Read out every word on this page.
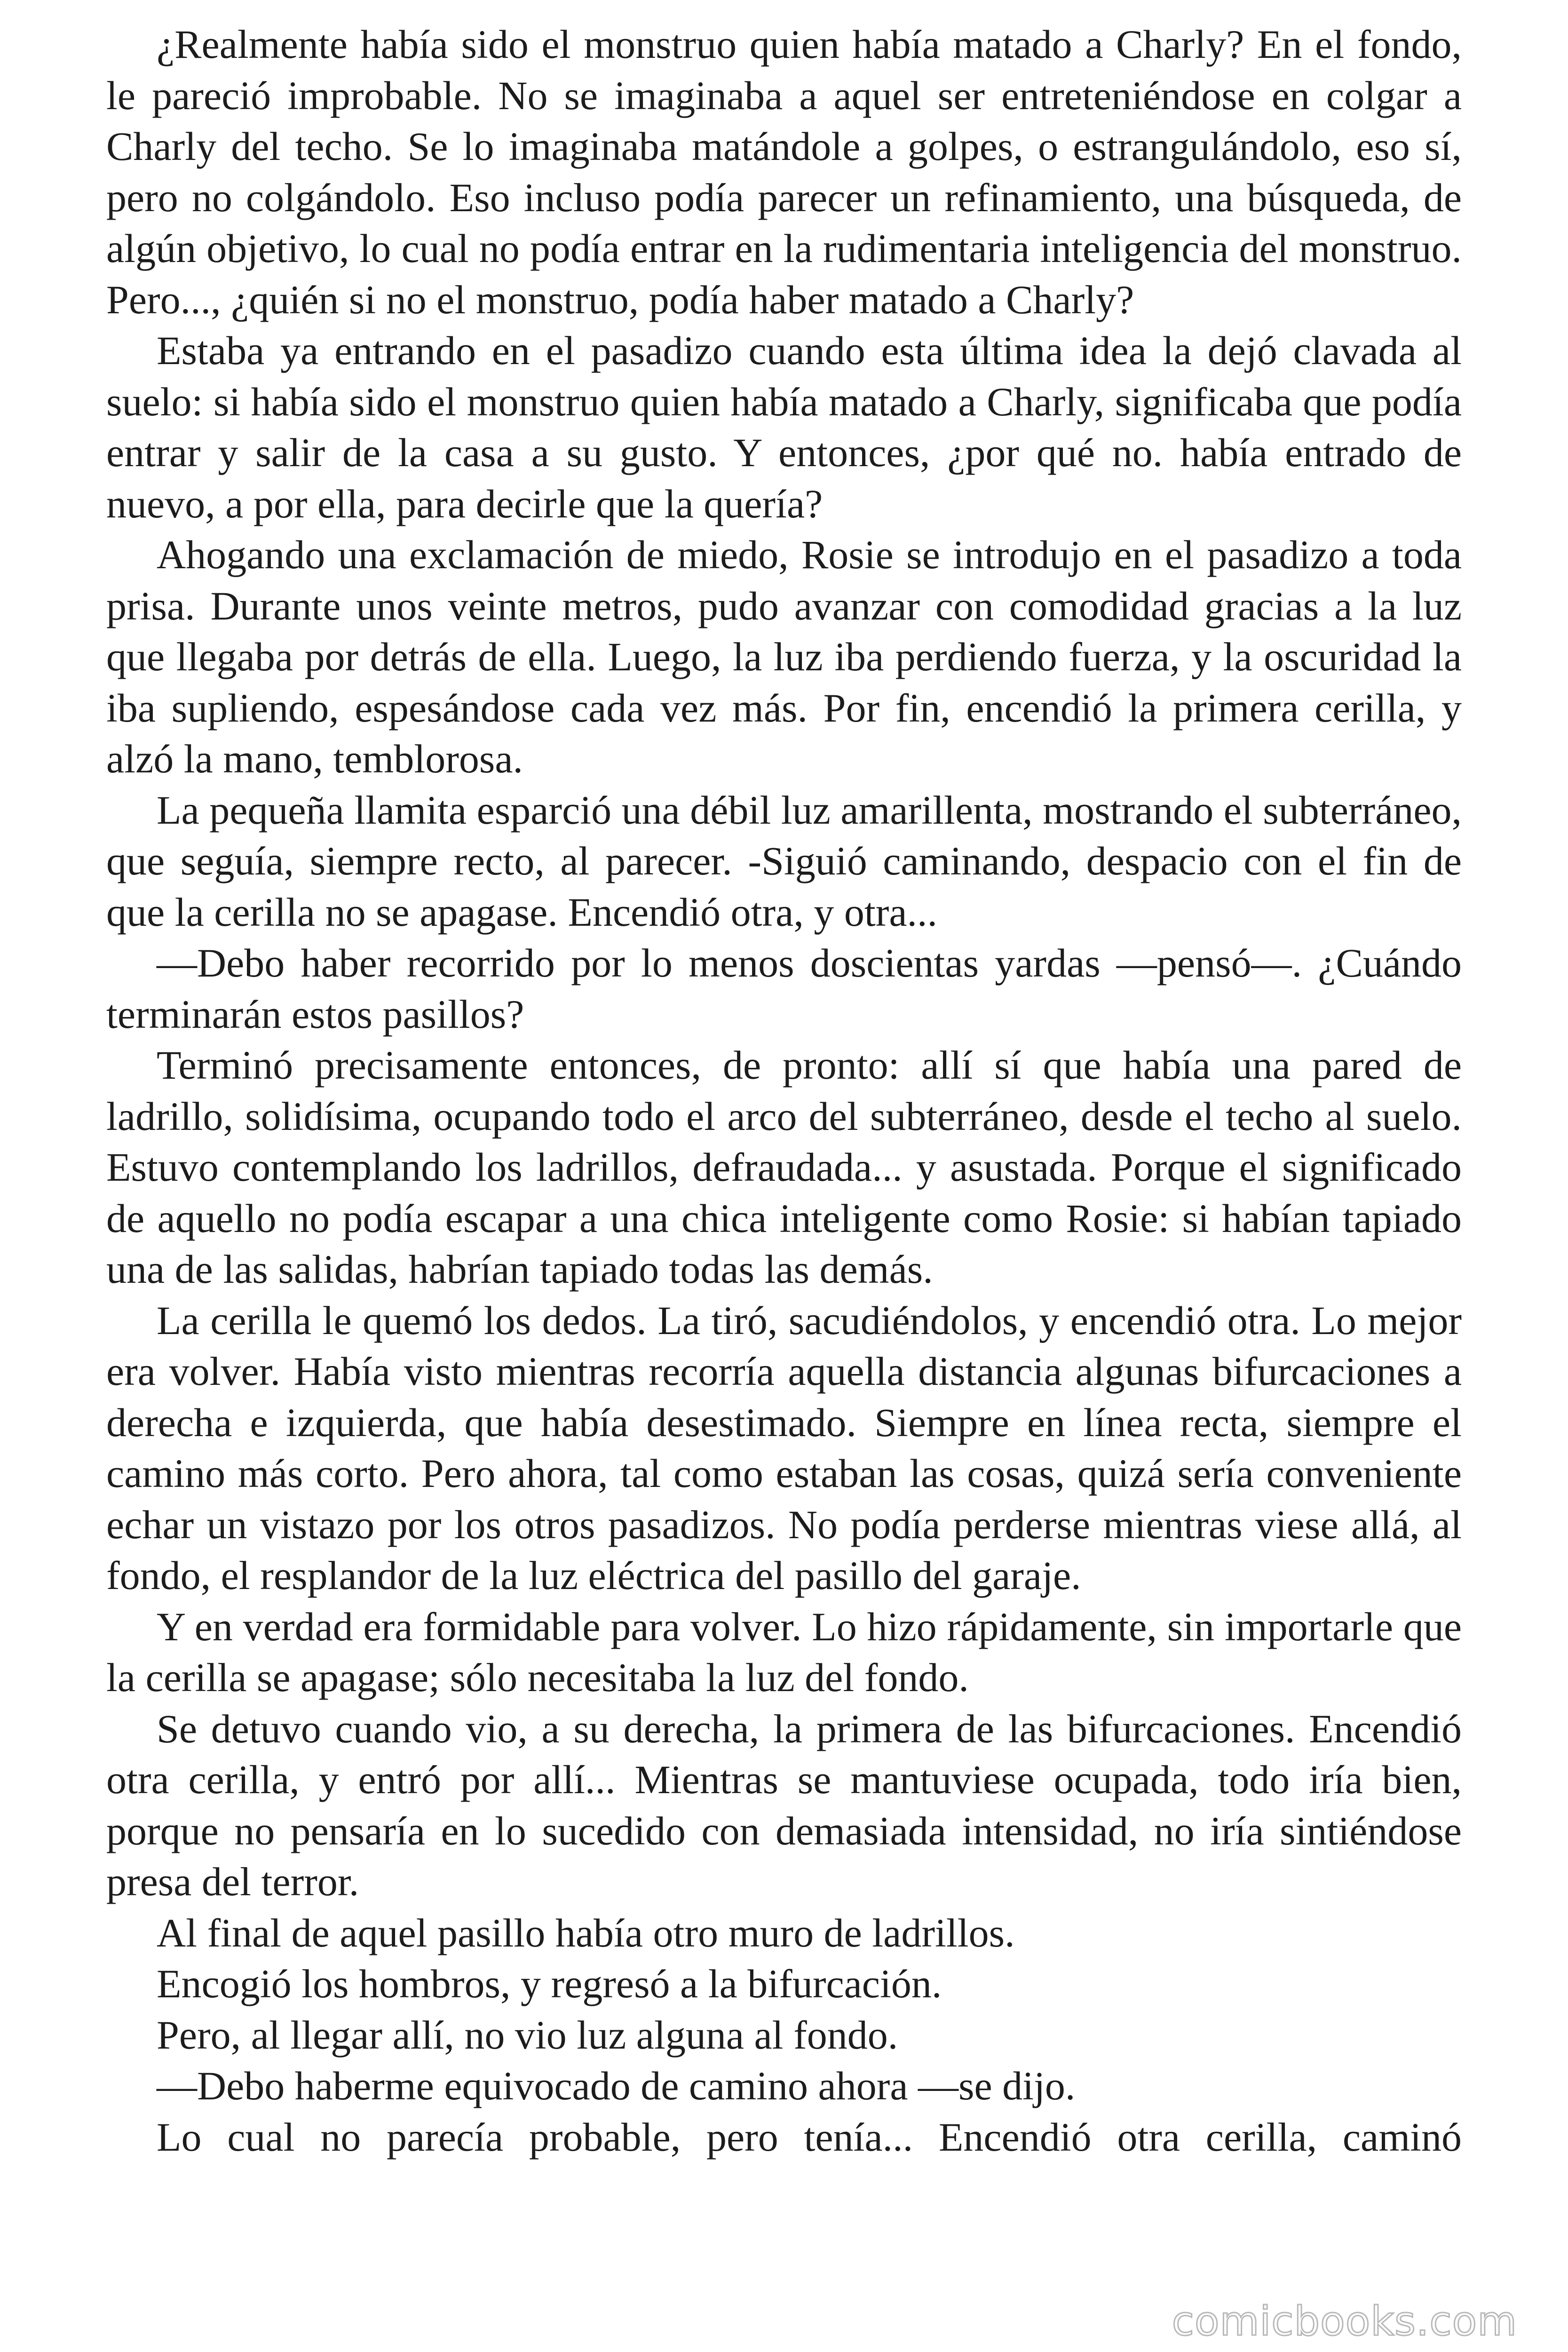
¿Realmente había sido el monstruo quien había matado a Charly? En el fondo, le pareció improbable. No se imaginaba a aquel ser entreteniéndose en colgar a Charly del techo. Se lo imaginaba matándole a golpes, o estrangulándolo, eso sí, pero no colgándolo. Eso incluso podía parecer un refinamiento, una búsqueda, de algún objetivo, lo cual no podía entrar en la rudimentaria inteligencia del monstruo. Pero..., ¿quién si no el monstruo, podía haber matado a Charly?

Estaba ya entrando en el pasadizo cuando esta última idea la dejó clavada al suelo: si había sido el monstruo quien había matado a Charly, significaba que podía entrar y salir de la casa a su gusto. Y entonces, ¿por qué no. había entrado de nuevo, a por ella, para decirle que la quería?

Ahogando una exclamación de miedo, Rosie se introdujo en el pasadizo a toda prisa. Durante unos veinte metros, pudo avanzar con comodidad gracias a la luz que llegaba por detrás de ella. Luego, la luz iba perdiendo fuerza, y la oscuridad la iba supliendo, espesándose cada vez más. Por fin, encendió la primera cerilla, y alzó la mano, temblorosa.

La pequeña llamita esparció una débil luz amarillenta, mostrando el subterráneo, que seguía, siempre recto, al parecer. -Siguió caminando, despacio con el fin de que la cerilla no se apagase. Encendió otra, y otra...

—Debo haber recorrido por lo menos doscientas yardas —pensó—. ¿Cuándo terminarán estos pasillos?

Terminó precisamente entonces, de pronto: allí sí que había una pared de ladrillo, solidísima, ocupando todo el arco del subterráneo, desde el techo al suelo. Estuvo contemplando los ladrillos, defraudada... y asustada. Porque el significado de aquello no podía escapar a una chica inteligente como Rosie: si habían tapiado una de las salidas, habrían tapiado todas las demás.

La cerilla le quemó los dedos. La tiró, sacudiéndolos, y encendió otra. Lo mejor era volver. Había visto mientras recorría aquella distancia algunas bifurcaciones a derecha e izquierda, que había desestimado. Siempre en línea recta, siempre el camino más corto. Pero ahora, tal como estaban las cosas, quizá sería conveniente echar un vistazo por los otros pasadizos. No podía perderse mientras viese allá, al fondo, el resplandor de la luz eléctrica del pasillo del garaje.

Y en verdad era formidable para volver. Lo hizo rápidamente, sin importarle que la cerilla se apagase; sólo necesitaba la luz del fondo.

Se detuvo cuando vio, a su derecha, la primera de las bifurcaciones. Encendió otra cerilla, y entró por allí... Mientras se mantuviese ocupada, todo iría bien, porque no pensaría en lo sucedido con demasiada intensidad, no iría sintiéndose presa del terror.

Al final de aquel pasillo había otro muro de ladrillos.

Encogió los hombros, y regresó a la bifurcación.

Pero, al llegar allí, no vio luz alguna al fondo.

—Debo haberme equivocado de camino ahora —se dijo.

Lo cual no parecía probable, pero tenía... Encendió otra cerilla, caminó

comicbooks.com
